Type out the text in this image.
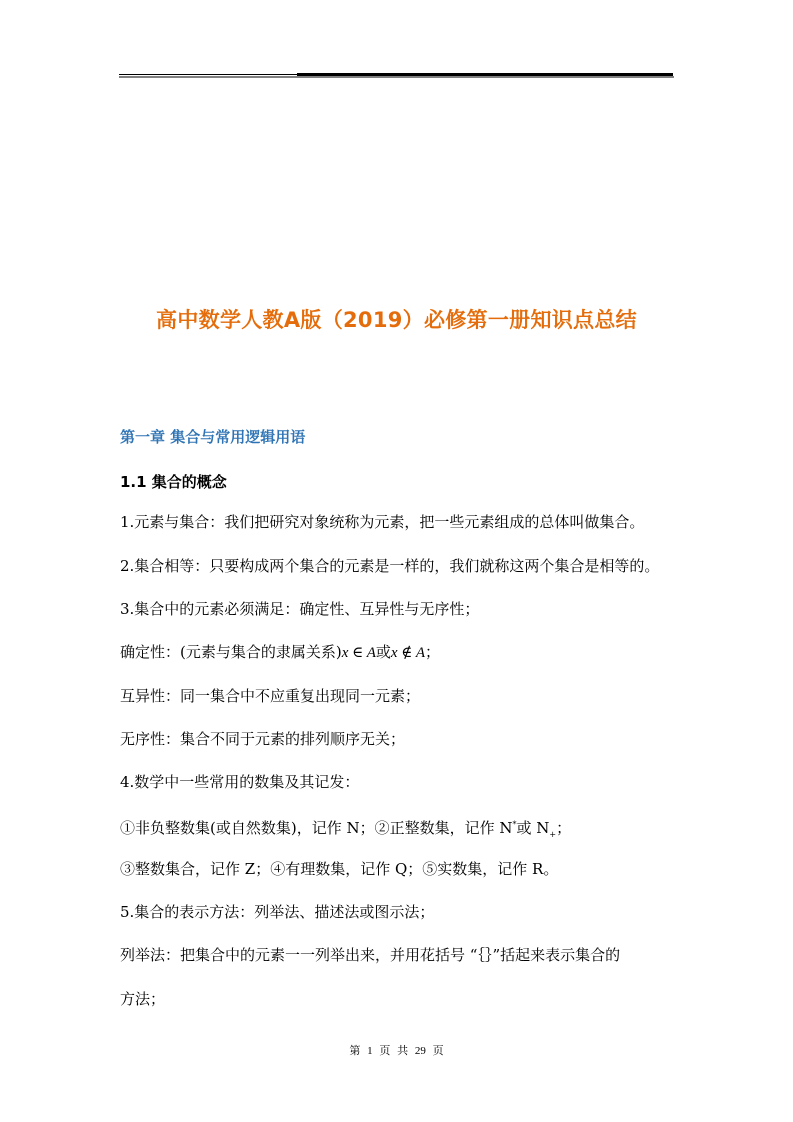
高中数学人教A版（2019）必修第一册知识点总结
第一章 集合与常用逻辑用语
1.1 集合的概念
1.元素与集合：我们把研究对象统称为元素，把一些元素组成的总体叫做集合。
2.集合相等：只要构成两个集合的元素是一样的，我们就称这两个集合是相等的。
3.集合中的元素必须满足：确定性、互异性与无序性；
确定性：(元素与集合的隶属关系)x ∈ A或x ∉ A；
互异性：同一集合中不应重复出现同一元素；
无序性：集合不同于元素的排列顺序无关；
4.数学中一些常用的数集及其记发：
①非负整数集(或自然数集)，记作 N；②正整数集，记作 N*或 $N_+$；
③整数集合，记作 Z；④有理数集，记作 Q；⑤实数集，记作 R。
5.集合的表示方法：列举法、描述法或图示法；
列举法：把集合中的元素一一列举出来，并用花括号 “｛｝”括起来表示集合的
方法；
第 1 页 共 29 页
